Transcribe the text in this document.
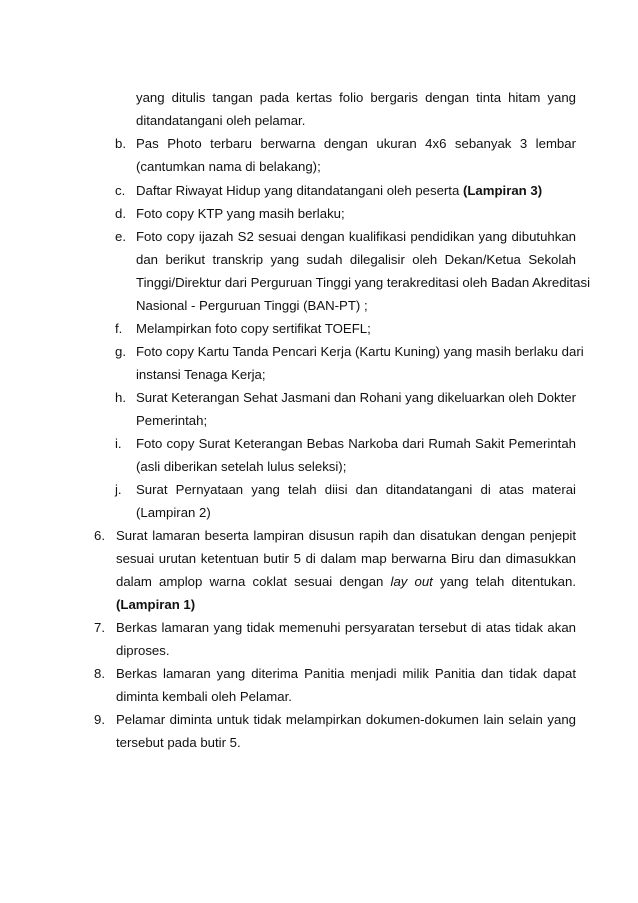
yang ditulis tangan pada kertas folio bergaris dengan tinta hitam yang
ditandatangani oleh pelamar.
b. Pas Photo terbaru berwarna dengan ukuran 4x6 sebanyak 3 lembar
(cantumkan nama di belakang);
c. Daftar Riwayat Hidup yang ditandatangani oleh peserta (Lampiran 3)
d. Foto copy KTP yang masih berlaku;
e. Foto copy ijazah S2 sesuai dengan kualifikasi pendidikan yang dibutuhkan
dan berikut transkrip yang sudah dilegalisir oleh Dekan/Ketua Sekolah
Tinggi/Direktur dari Perguruan Tinggi yang terakreditasi oleh Badan Akreditasi
Nasional - Perguruan Tinggi (BAN-PT) ;
f. Melampirkan foto copy sertifikat TOEFL;
g. Foto copy Kartu Tanda Pencari Kerja (Kartu Kuning) yang masih berlaku dari
instansi Tenaga Kerja;
h. Surat Keterangan Sehat Jasmani dan Rohani yang dikeluarkan oleh Dokter
Pemerintah;
i. Foto copy Surat Keterangan Bebas Narkoba dari Rumah Sakit Pemerintah
(asli diberikan setelah lulus seleksi);
j. Surat Pernyataan yang telah diisi dan ditandatangani di atas materai
(Lampiran 2)
6. Surat lamaran beserta lampiran disusun rapih dan disatukan dengan penjepit
sesuai urutan ketentuan butir 5 di dalam map berwarna Biru dan dimasukkan
dalam amplop warna coklat sesuai dengan lay out yang telah ditentukan.
(Lampiran 1)
7. Berkas lamaran yang tidak memenuhi persyaratan tersebut di atas tidak akan
diproses.
8. Berkas lamaran yang diterima Panitia menjadi milik Panitia dan tidak dapat
diminta kembali oleh Pelamar.
9. Pelamar diminta untuk tidak melampirkan dokumen-dokumen lain selain yang
tersebut pada butir 5.
